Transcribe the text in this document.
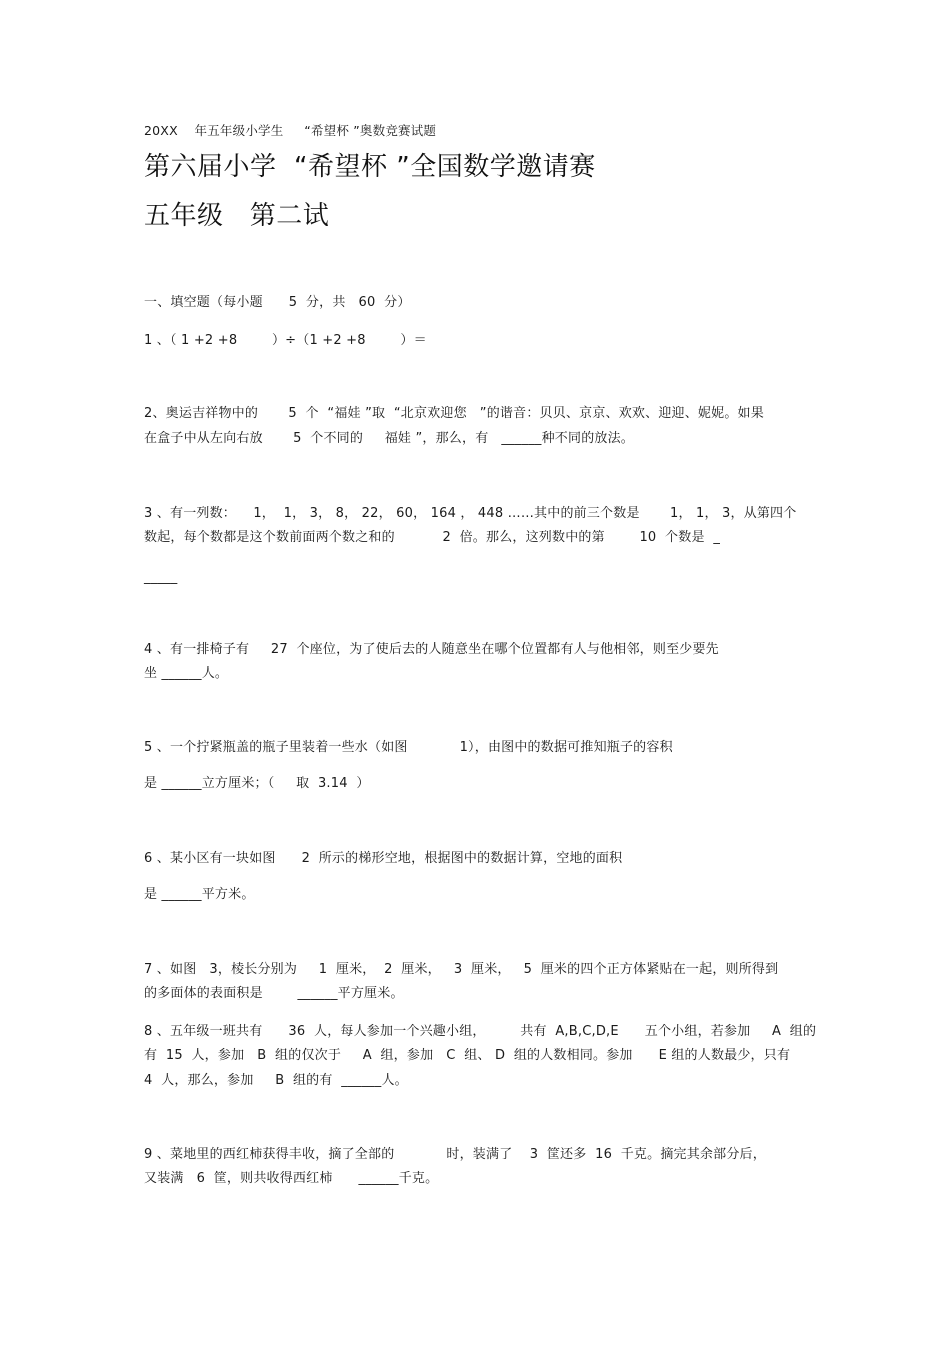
20XX    年五年级小学生     “希望杯 ”奥数竞赛试题
第六届小学  “希望杯 ”全国数学邀请赛
五年级   第二试
一、填空题（每小题      5  分，共   60  分）
1 、（ 1 +2 +8        ）÷（1 +2 +8        ）＝
2、奥运吉祥物中的       5  个  “福娃 ”取  “北京欢迎您   ”的谐音：贝贝、京京、欢欢、迎迎、妮妮。如果
在盒子中从左向右放       5  个不同的     福娃 ”，那么，有   ______种不同的放法。
3 、有一列数：    1，  1， 3， 8， 22， 60， 164 ， 448 ……其中的前三个数是       1， 1， 3，从第四个
数起，每个数都是这个数前面两个数之和的           2  倍。那么，这列数中的第        10  个数是  _
_____
4 、有一排椅子有     27  个座位，为了使后去的人随意坐在哪个位置都有人与他相邻，则至少要先
坐 ______人。
5 、一个拧紧瓶盖的瓶子里装着一些水（如图            1），由图中的数据可推知瓶子的容积
是 ______立方厘米；（     取  3.14  ）
6 、某小区有一块如图      2  所示的梯形空地，根据图中的数据计算，空地的面积
是 ______平方米。
7 、如图   3，棱长分别为     1  厘米，  2  厘米，   3  厘米，   5  厘米的四个正方体紧贴在一起，则所得到
的多面体的表面积是        ______平方厘米。
8 、五年级一班共有      36  人，每人参加一个兴趣小组，        共有  A,B,C,D,E      五个小组，若参加     A  组的
有  15  人，参加   B  组的仅次于     A  组，参加   C  组、 D  组的人数相同。参加      E 组的人数最少，只有
4  人，那么，参加     B  组的有  ______人。
9 、菜地里的西红柿获得丰收，摘了全部的            时，装满了    3  筐还多  16  千克。摘完其余部分后，
又装满   6  筐，则共收得西红柿      ______千克。
